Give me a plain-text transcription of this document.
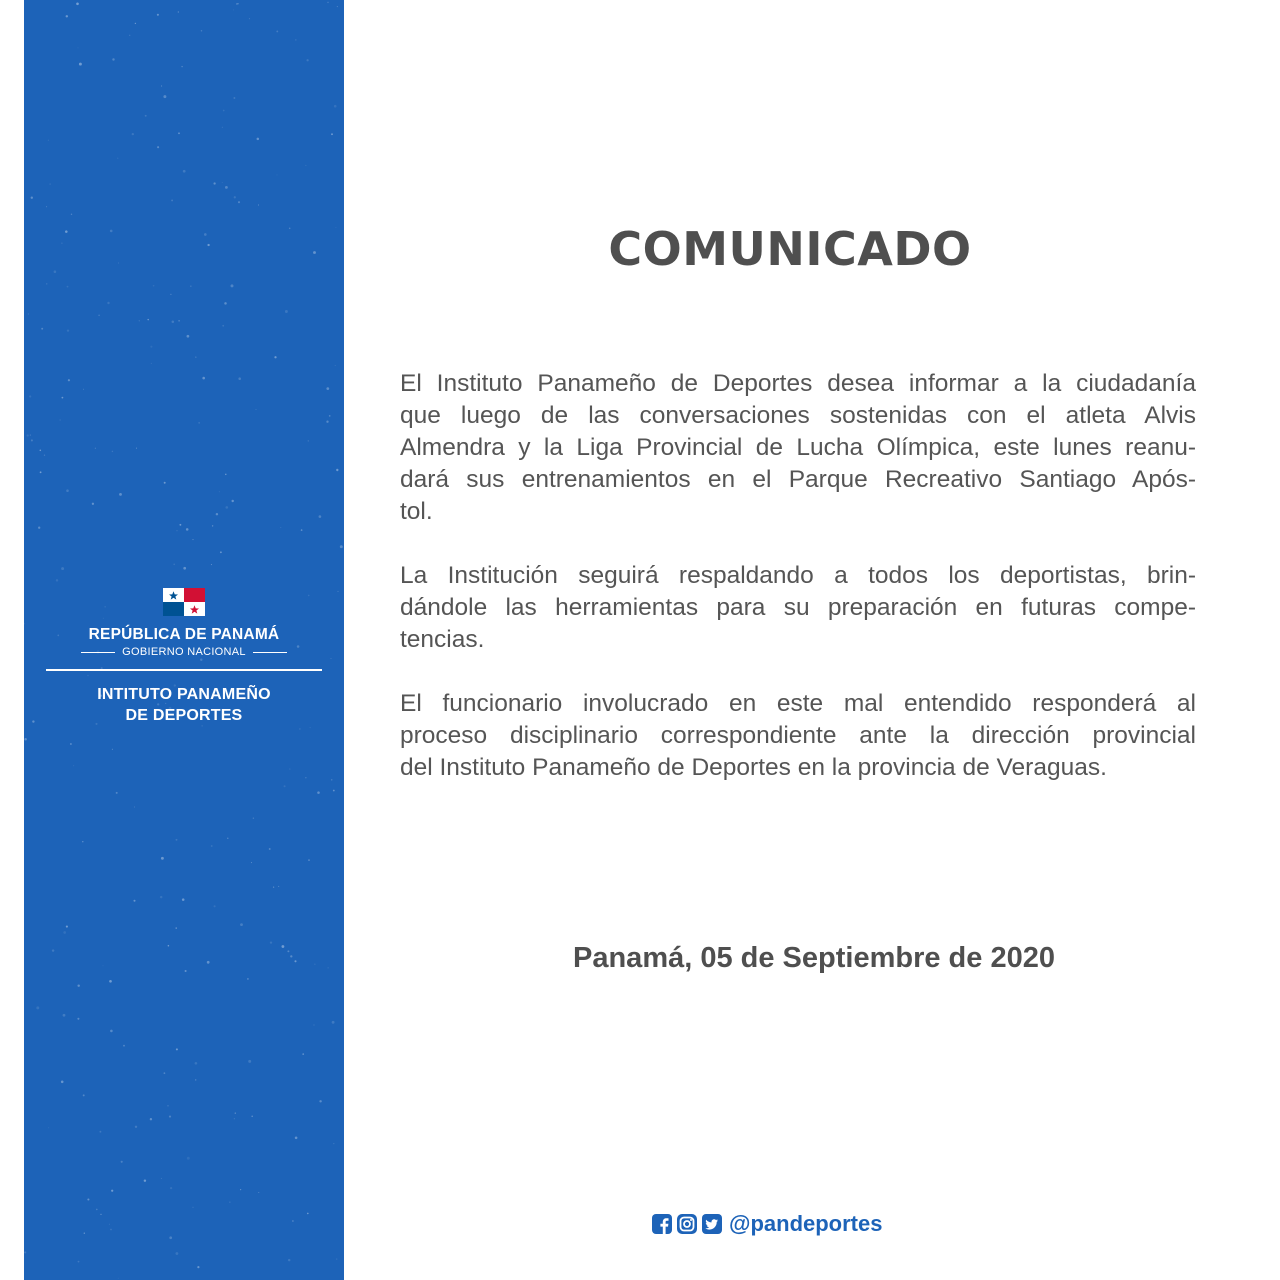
REPÚBLICA DE PANAMÁ
GOBIERNO NACIONAL
INTITUTO PANAMEÑO
DE DEPORTES
COMUNICADO

El Instituto Panameño de Deportes desea informar a la ciudadanía
que luego de las conversaciones sostenidas con el atleta Alvis
Almendra y la Liga Provincial de Lucha Olímpica, este lunes reanu-
dará sus entrenamientos en el Parque Recreativo Santiago Após-
tol.

La Institución seguirá respaldando a todos los deportistas, brin-
dándole las herramientas para su preparación en futuras compe-
tencias.

El funcionario involucrado en este mal entendido responderá al
proceso disciplinario correspondiente ante la dirección provincial
del Instituto Panameño de Deportes en la provincia de Veraguas.

Panamá, 05 de Septiembre de 2020
@pandeportes
